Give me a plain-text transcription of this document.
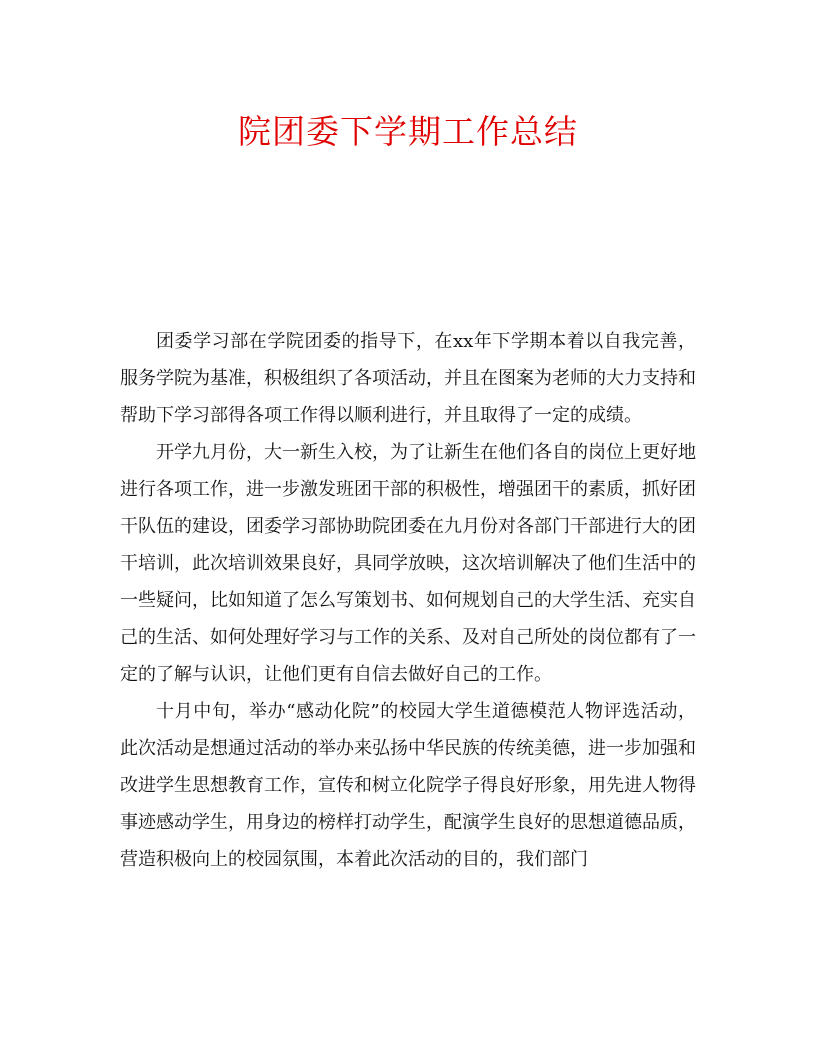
院团委下学期工作总结

团委学习部在学院团委的指导下，在xx年下学期本着以自我完善，服务学院为基准，积极组织了各项活动，并且在图案为老师的大力支持和帮助下学习部得各项工作得以顺利进行，并且取得了一定的成绩。

开学九月份，大一新生入校，为了让新生在他们各自的岗位上更好地进行各项工作，进一步激发班团干部的积极性，增强团干的素质，抓好团干队伍的建设，团委学习部协助院团委在九月份对各部门干部进行大的团干培训，此次培训效果良好，具同学放映，这次培训解决了他们生活中的一些疑问，比如知道了怎么写策划书、如何规划自己的大学生活、充实自己的生活、如何处理好学习与工作的关系、及对自己所处的岗位都有了一定的了解与认识，让他们更有自信去做好自己的工作。

十月中旬，举办“感动化院”的校园大学生道德模范人物评选活动，此次活动是想通过活动的举办来弘扬中华民族的传统美德，进一步加强和改进学生思想教育工作，宣传和树立化院学子得良好形象，用先进人物得事迹感动学生，用身边的榜样打动学生，配演学生良好的思想道德品质，营造积极向上的校园氛围，本着此次活动的目的，我们部门
